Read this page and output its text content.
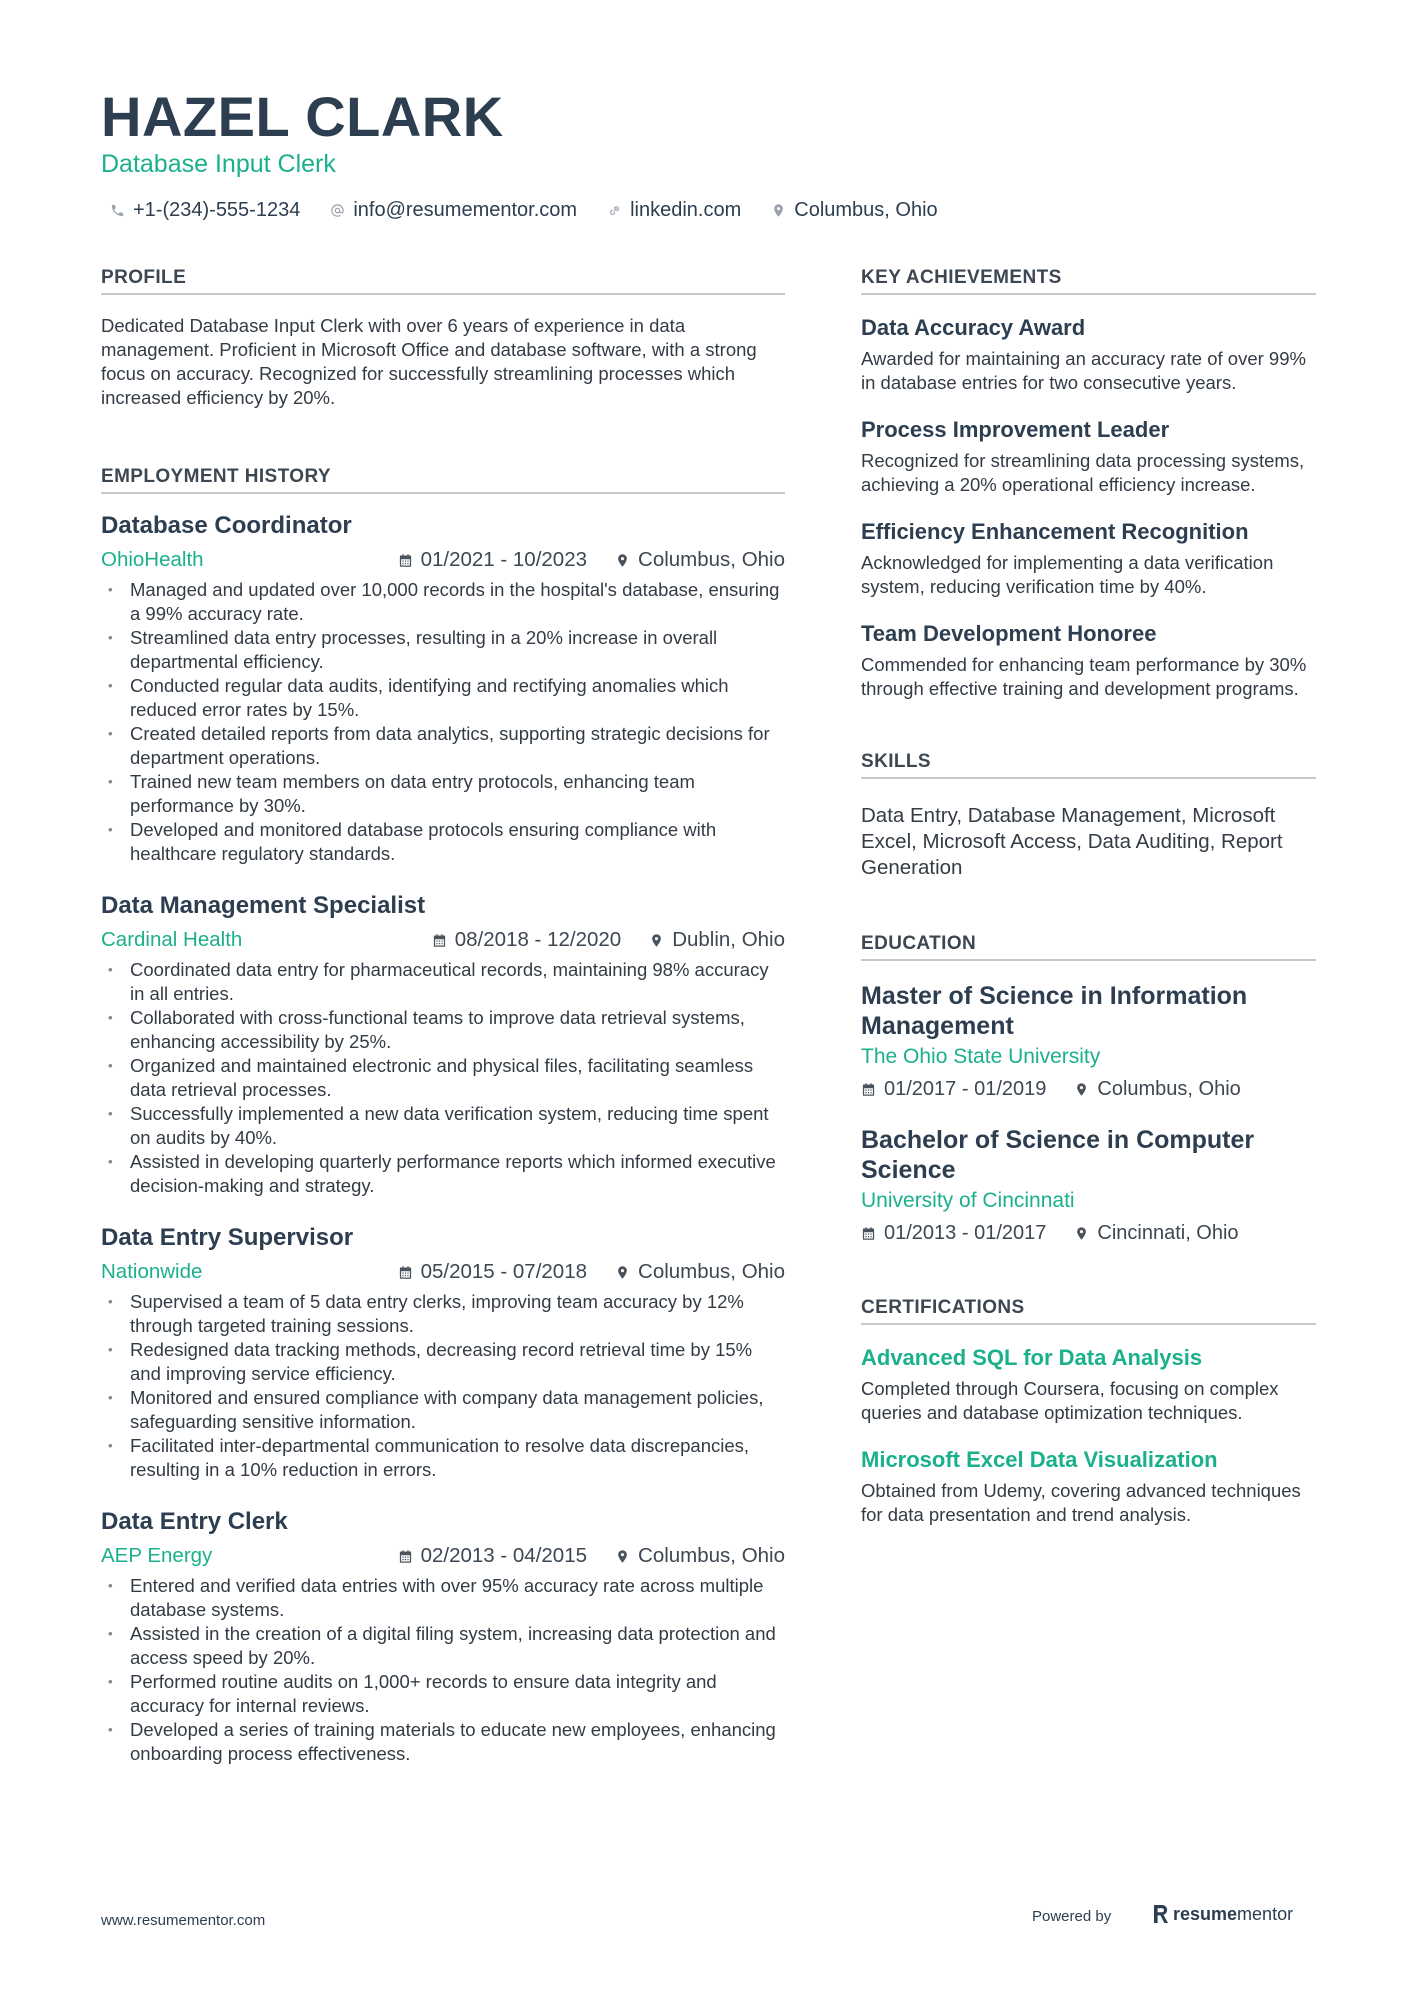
HAZEL CLARK
Database Input Clerk
+1-(234)-555-1234	info@resumementor.com	linkedin.com	Columbus, Ohio
PROFILE

Dedicated Database Input Clerk with over 6 years of experience in data management. Proficient in Microsoft Office and database software, with a strong focus on accuracy. Recognized for successfully streamlining processes which increased efficiency by 20%.

EMPLOYMENT HISTORY
Database Coordinator
OhioHealth	01/2021 - 10/2023 Columbus, Ohio
• Managed and updated over 10,000 records in the hospital's database, ensuring a 99% accuracy rate.
• Streamlined data entry processes, resulting in a 20% increase in overall departmental efficiency.
• Conducted regular data audits, identifying and rectifying anomalies which reduced error rates by 15%.
• Created detailed reports from data analytics, supporting strategic decisions for department operations.
• Trained new team members on data entry protocols, enhancing team performance by 30%.
• Developed and monitored database protocols ensuring compliance with healthcare regulatory standards.
Data Management Specialist
Cardinal Health	08/2018 - 12/2020 Dublin, Ohio
• Coordinated data entry for pharmaceutical records, maintaining 98% accuracy in all entries.
• Collaborated with cross-functional teams to improve data retrieval systems, enhancing accessibility by 25%.
• Organized and maintained electronic and physical files, facilitating seamless data retrieval processes.
• Successfully implemented a new data verification system, reducing time spent on audits by 40%.
• Assisted in developing quarterly performance reports which informed executive decision-making and strategy.
Data Entry Supervisor
Nationwide	05/2015 - 07/2018 Columbus, Ohio
• Supervised a team of 5 data entry clerks, improving team accuracy by 12% through targeted training sessions.
• Redesigned data tracking methods, decreasing record retrieval time by 15% and improving service efficiency.
• Monitored and ensured compliance with company data management policies, safeguarding sensitive information.
• Facilitated inter-departmental communication to resolve data discrepancies, resulting in a 10% reduction in errors.
Data Entry Clerk
AEP Energy	02/2013 - 04/2015 Columbus, Ohio
• Entered and verified data entries with over 95% accuracy rate across multiple database systems.
• Assisted in the creation of a digital filing system, increasing data protection and access speed by 20%.
• Performed routine audits on 1,000+ records to ensure data integrity and accuracy for internal reviews.
• Developed a series of training materials to educate new employees, enhancing onboarding process effectiveness.
KEY ACHIEVEMENTS
Data Accuracy Award

Awarded for maintaining an accuracy rate of over 99% in database entries for two consecutive years.

Process Improvement Leader

Recognized for streamlining data processing systems, achieving a 20% operational efficiency increase.

Efficiency Enhancement Recognition

Acknowledged for implementing a data verification system, reducing verification time by 40%.

Team Development Honoree

Commended for enhancing team performance by 30% through effective training and development programs.

SKILLS

Data Entry, Database Management, Microsoft Excel, Microsoft Access, Data Auditing, Report Generation

EDUCATION
Master of Science in Information Management
The Ohio State University
01/2017 - 01/2019	Columbus, Ohio
Bachelor of Science in Computer Science
University of Cincinnati
01/2013 - 01/2017	Cincinnati, Ohio
CERTIFICATIONS
Advanced SQL for Data Analysis

Completed through Coursera, focusing on complex queries and database optimization techniques.

Microsoft Excel Data Visualization

Obtained from Udemy, covering advanced techniques for data presentation and trend analysis.

www.resumementor.com	Powered by	resumementor
